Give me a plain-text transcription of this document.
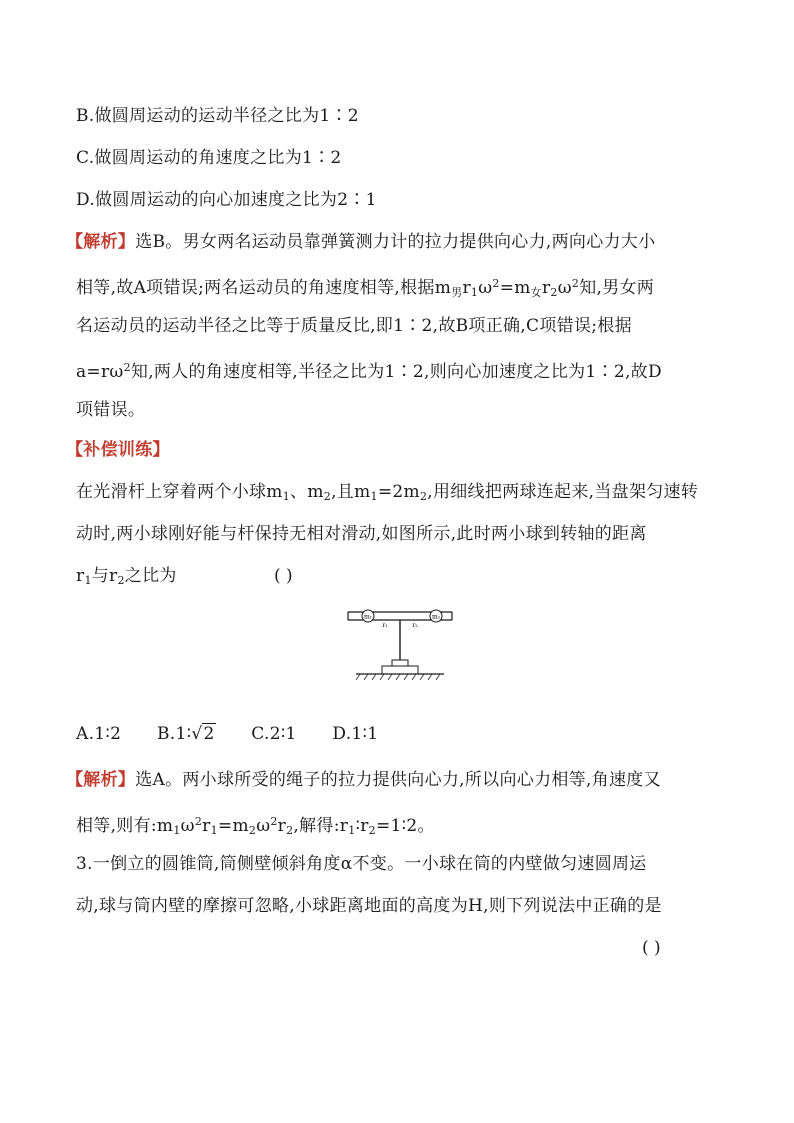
B.做圆周运动的运动半径之比为1∶2
C.做圆周运动的角速度之比为1∶2
D.做圆周运动的向心加速度之比为2∶1
【解析】选B。男女两名运动员靠弹簧测力计的拉力提供向心力,两向心力大小
相等,故A项错误;两名运动员的角速度相等,根据$m_男r_1\omega^2=m_女r_2\omega^2$知,男女两
名运动员的运动半径之比等于质量反比,即1∶2,故B项正确,C项错误;根据
$a=r\omega^2$知,两人的角速度相等,半径之比为1∶2,则向心加速度之比为1∶2,故D
项错误。
【补偿训练】
在光滑杆上穿着两个小球$m_1$、$m_2$,且$m_1=2m_2$,用细线把两球连起来,当盘架匀速转
动时,两小球刚好能与杆保持无相对滑动,如图所示,此时两小球到转轴的距离
$r_1$与$r_2$之比为	( )
m₁	m₂
r₁	r₂
A.1∶2 B.1∶√2 C.2∶1 D.1∶1
【解析】选A。两小球所受的绳子的拉力提供向心力,所以向心力相等,角速度又
相等,则有$:m_1\omega^2r_1=m_2\omega^2r_2$,解得$:r_1∶r_2=1∶2$。
3.一倒立的圆锥筒,筒侧壁倾斜角度α不变。一小球在筒的内壁做匀速圆周运
动,球与筒内壁的摩擦可忽略,小球距离地面的高度为H,则下列说法中正确的是
( )
